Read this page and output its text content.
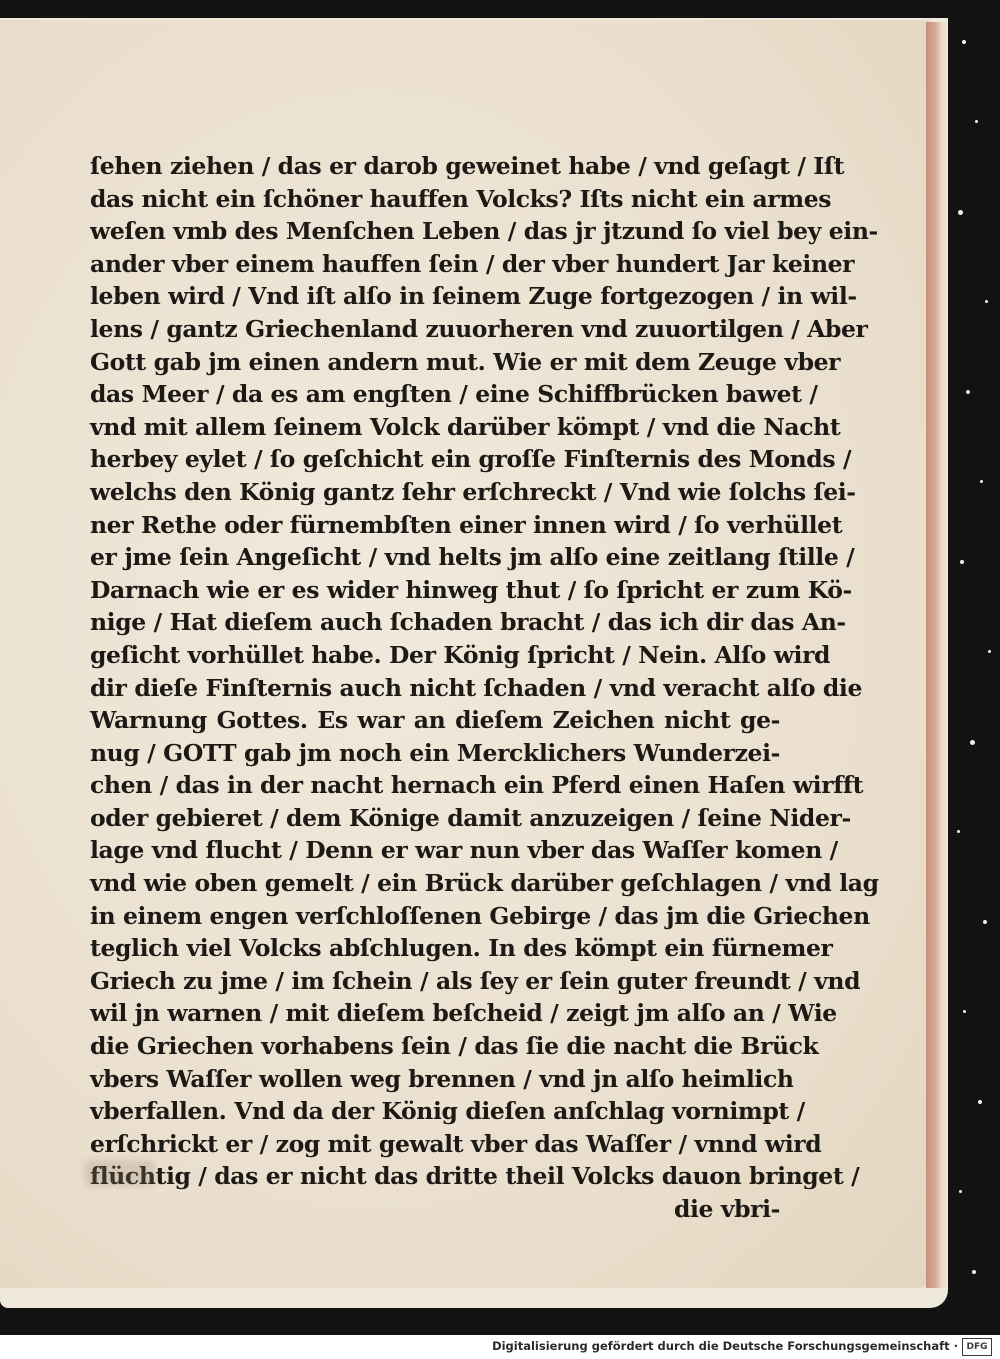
ſehen ziehen / das er darob geweinet habe / vnd geſagt / Iſt
das nicht ein ſchöner hauffen Volcks? Iſts nicht ein armes
weſen vmb des Menſchen Leben / das jr jtzund ſo viel bey ein-
ander vber einem hauffen ſein / der vber hundert Jar keiner
leben wird / Vnd iſt alſo in ſeinem Zuge fortgezogen / in wil-
lens / gantz Griechenland zuuorheren vnd zuuortilgen / Aber
Gott gab jm einen andern mut. Wie er mit dem Zeuge vber
das Meer / da es am engſten / eine Schiffbrücken bawet /
vnd mit allem ſeinem Volck darüber kömpt / vnd die Nacht
herbey eylet / ſo geſchicht ein groſſe Finſternis des Monds /
welchs den König gantz ſehr erſchreckt / Vnd wie ſolchs ſei-
ner Rethe oder fürnembſten einer innen wird / ſo verhüllet
er jme ſein Angeſicht / vnd helts jm alſo eine zeitlang ſtille /
Darnach wie er es wider hinweg thut / ſo ſpricht er zum Kö-
nige / Hat dieſem auch ſchaden bracht / das ich dir das An-
geſicht vorhüllet habe. Der König ſpricht / Nein. Alſo wird
dir dieſe Finſternis auch nicht ſchaden / vnd veracht alſo die
Warnung Gottes. Es war an dieſem Zeichen nicht ge-
nug / GOTT gab jm noch ein Mercklichers Wunderzei-
chen / das in der nacht hernach ein Pferd einen Haſen wirfft
oder gebieret / dem Könige damit anzuzeigen / ſeine Nider-
lage vnd flucht / Denn er war nun vber das Waſſer komen /
vnd wie oben gemelt / ein Brück darüber geſchlagen / vnd lag
in einem engen verſchloſſenen Gebirge / das jm die Griechen
teglich viel Volcks abſchlugen. In des kömpt ein fürnemer
Griech zu jme / im ſchein / als ſey er ſein guter freundt / vnd
wil jn warnen / mit dieſem beſcheid / zeigt jm alſo an / Wie
die Griechen vorhabens ſein / das ſie die nacht die Brück
vbers Waſſer wollen weg brennen / vnd jn alſo heimlich
vberfallen. Vnd da der König dieſen anſchlag vornimpt /
erſchrickt er / zog mit gewalt vber das Waſſer / vnnd wird
flüchtig / das er nicht das dritte theil Volcks dauon bringet /
die vbri-
Digitalisierung gefördert durch die Deutsche Forschungsgemeinschaft · DFG
